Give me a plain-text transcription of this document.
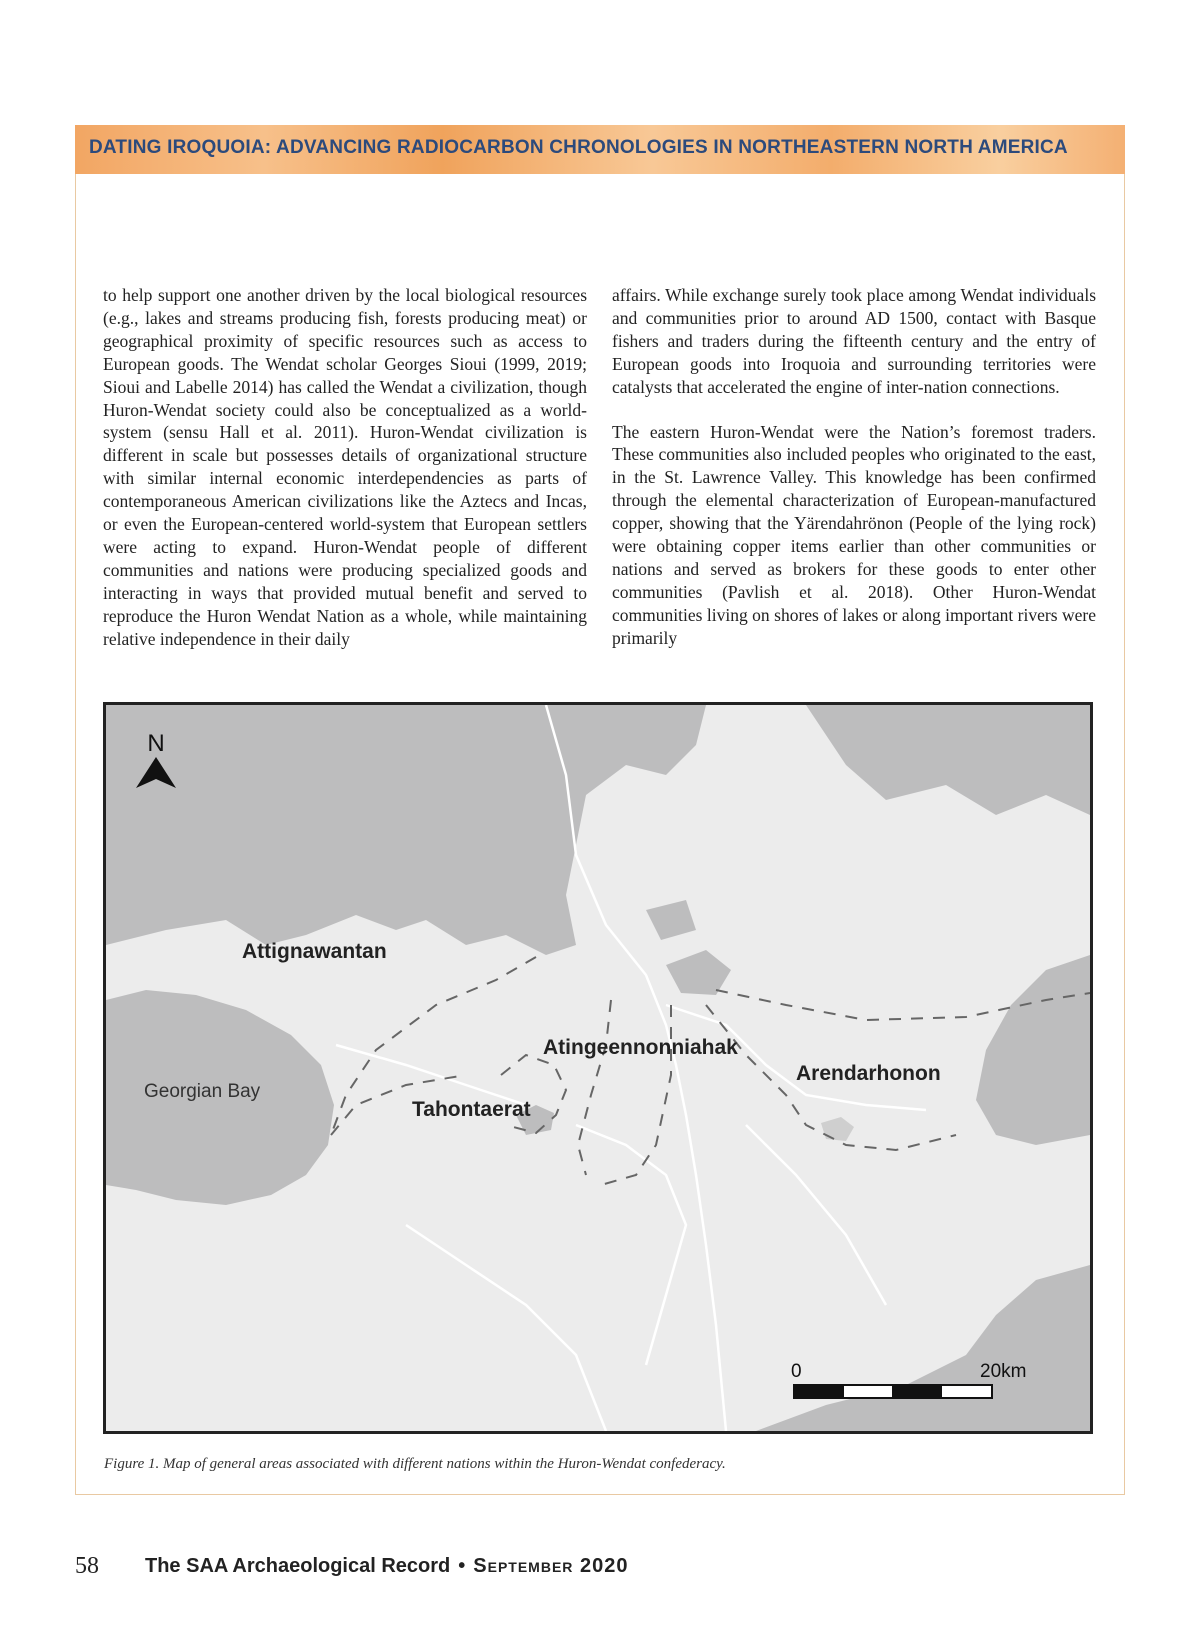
DATING IROQUOIA: ADVANCING RADIOCARBON CHRONOLOGIES IN NORTHEASTERN NORTH AMERICA

to help support one another driven by the local biological resources (e.g., lakes and streams producing fish, forests producing meat) or geographical proximity of specific resources such as access to European goods. The Wendat scholar Georges Sioui (1999, 2019; Sioui and Labelle 2014) has called the Wendat a civilization, though Huron-Wendat society could also be conceptualized as a world-system (sensu Hall et al. 2011). Huron-Wendat civilization is different in scale but possesses details of organizational structure with similar internal economic interdependencies as parts of contemporaneous American civilizations like the Aztecs and Incas, or even the European-centered world-system that European settlers were acting to expand. Huron-Wendat people of different communities and nations were producing specialized goods and interacting in ways that provided mutual benefit and served to reproduce the Huron Wendat Nation as a whole, while maintaining relative independence in their daily

affairs. While exchange surely took place among Wendat individuals and communities prior to around AD 1500, contact with Basque fishers and traders during the fifteenth century and the entry of European goods into Iroquoia and surrounding territories were catalysts that accelerated the engine of inter-nation connections.

The eastern Huron-Wendat were the Nation’s foremost traders. These communities also included peoples who originated to the east, in the St. Lawrence Valley. This knowledge has been confirmed through the elemental characterization of European-manufactured copper, showing that the Yärendahrönon (People of the lying rock) were obtaining copper items earlier than other communities or nations and served as brokers for these goods to enter other communities (Pavlish et al. 2018). Other Huron-Wendat communities living on shores of lakes or along important rivers were primarily

N
Attignawantan
Georgian Bay
Atingeennonniahak
Tahontaerat
Arendarhonon
0	20km
Figure 1. Map of general areas associated with different nations within the Huron-Wendat confederacy.
58 The SAA Archaeological Record • September 2020
